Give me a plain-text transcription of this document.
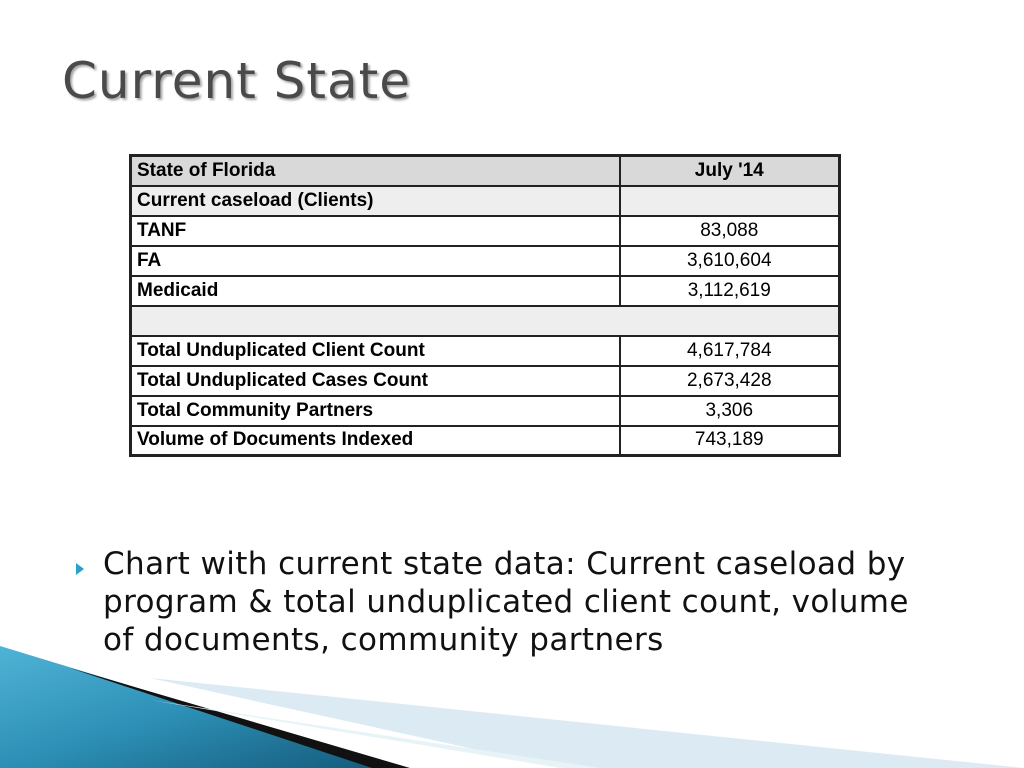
Current State
State of Florida	July '14
Current caseload (Clients)	
TANF	83,088
FA	3,610,604
Medicaid	3,112,619

Total Unduplicated Client Count	4,617,784
Total Unduplicated Cases Count	2,673,428
Total Community Partners	3,306
Volume of Documents Indexed	743,189
Chart with current state data: Current caseload by program & total unduplicated client count, volume of documents, community partners
